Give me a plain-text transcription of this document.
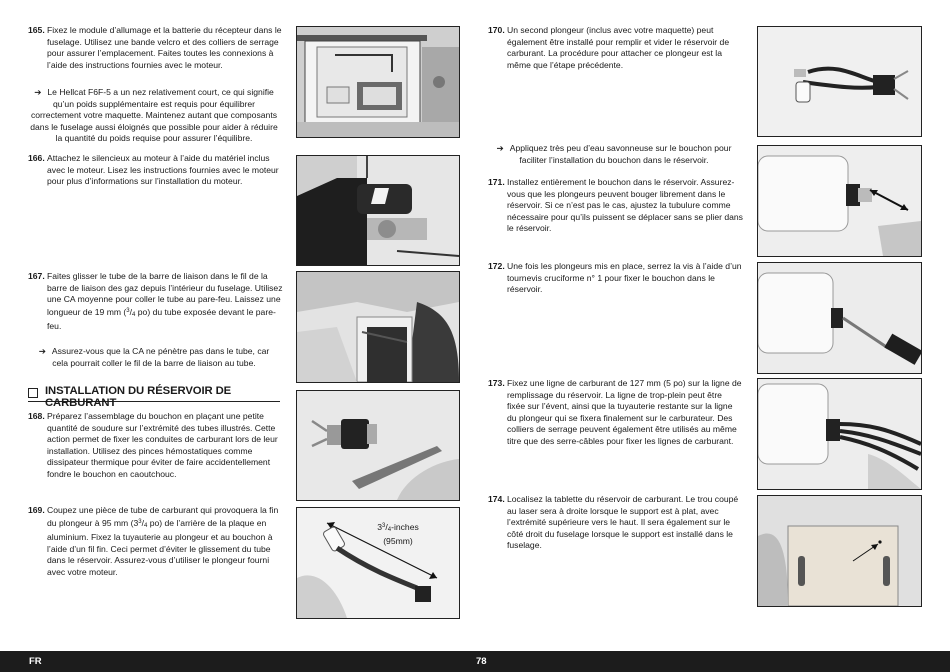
165. Fixez le module d’allumage et la batterie du récepteur dans le fuselage. Utilisez une bande velcro et des colliers de serrage pour assurer l’emplacement. Faites toutes les connexions à l’aide des instructions fournies avec le moteur.
➔ Le Hellcat F6F-5 a un nez relativement court, ce qui signifie qu’un poids supplémentaire est requis pour équilibrer correctement votre maquette. Maintenez autant que composants dans le fuselage aussi éloignés que possible pour aider à réduire la quantité du poids requise pour assurer l’équilibre.
166. Attachez le silencieux au moteur à l’aide du matériel inclus avec le moteur. Lisez les instructions fournies avec le moteur pour plus d’informations sur l’installation du moteur.
167. Faites glisser le tube de la barre de liaison dans le fil de la barre de liaison des gaz depuis l’intérieur du fuselage. Utilisez une CA moyenne pour coller le tube au pare-feu. Laissez une longueur de 19 mm ($^3/_4$ po) du tube exposée devant le pare-feu.
➔ Assurez-vous que la CA ne pénètre pas dans le tube, car cela pourrait coller le fil de la barre de liaison au tube.
INSTALLATION DU RÉSERVOIR DE CARBURANT
168. Préparez l’assemblage du bouchon en plaçant une petite quantité de soudure sur l’extrémité des tubes illustrés. Cette action permet de fixer les conduites de carburant lors de leur installation. Utilisez des pinces hémostatiques comme dissipateur thermique pour éviter de faire accidentellement fondre le bouchon en caoutchouc.
169. Coupez une pièce de tube de carburant qui provoquera la fin du plongeur à 95 mm ($3^3/_4$ po) de l’arrière de la plaque en aluminium. Fixez la tuyauterie au plongeur et au bouchon à l’aide d’un fil fin. Ceci permet d’éviter le glissement du tube dans le réservoir. Assurez-vous d’utiliser le plongeur fourni avec votre moteur.
$3^3/_4$-inches
(95mm)
170. Un second plongeur (inclus avec votre maquette) peut également être installé pour remplir et vider le réservoir de carburant. La procédure pour attacher ce plongeur est la même que l’étape précédente.
➔ Appliquez très peu d’eau savonneuse sur le bouchon pour faciliter l’installation du bouchon dans le réservoir.
171. Installez entièrement le bouchon dans le réservoir. Assurez-vous que les plongeurs peuvent bouger librement dans le réservoir. Si ce n’est pas le cas, ajustez la tubulure comme nécessaire pour qu’ils puissent se déplacer sans se plier dans le réservoir.
172. Une fois les plongeurs mis en place, serrez la vis à l’aide d’un tournevis cruciforme n° 1 pour fixer le bouchon dans le réservoir.
173. Fixez une ligne de carburant de 127 mm (5 po) sur la ligne de remplissage du réservoir. La ligne de trop-plein peut être fixée sur l’évent, ainsi que la tuyauterie restante sur la ligne du plongeur qui se fixera finalement sur le carburateur. Des colliers de serrage peuvent également être utilisés au même titre que des serre-câbles pour fixer les lignes de carburant.
174. Localisez la tablette du réservoir de carburant. Le trou coupé au laser sera à droite lorsque le support est à plat, avec l’extrémité supérieure vers le haut. Il sera également sur le côté droit du fuselage lorsque le support est installé dans le fuselage.
FR	78
